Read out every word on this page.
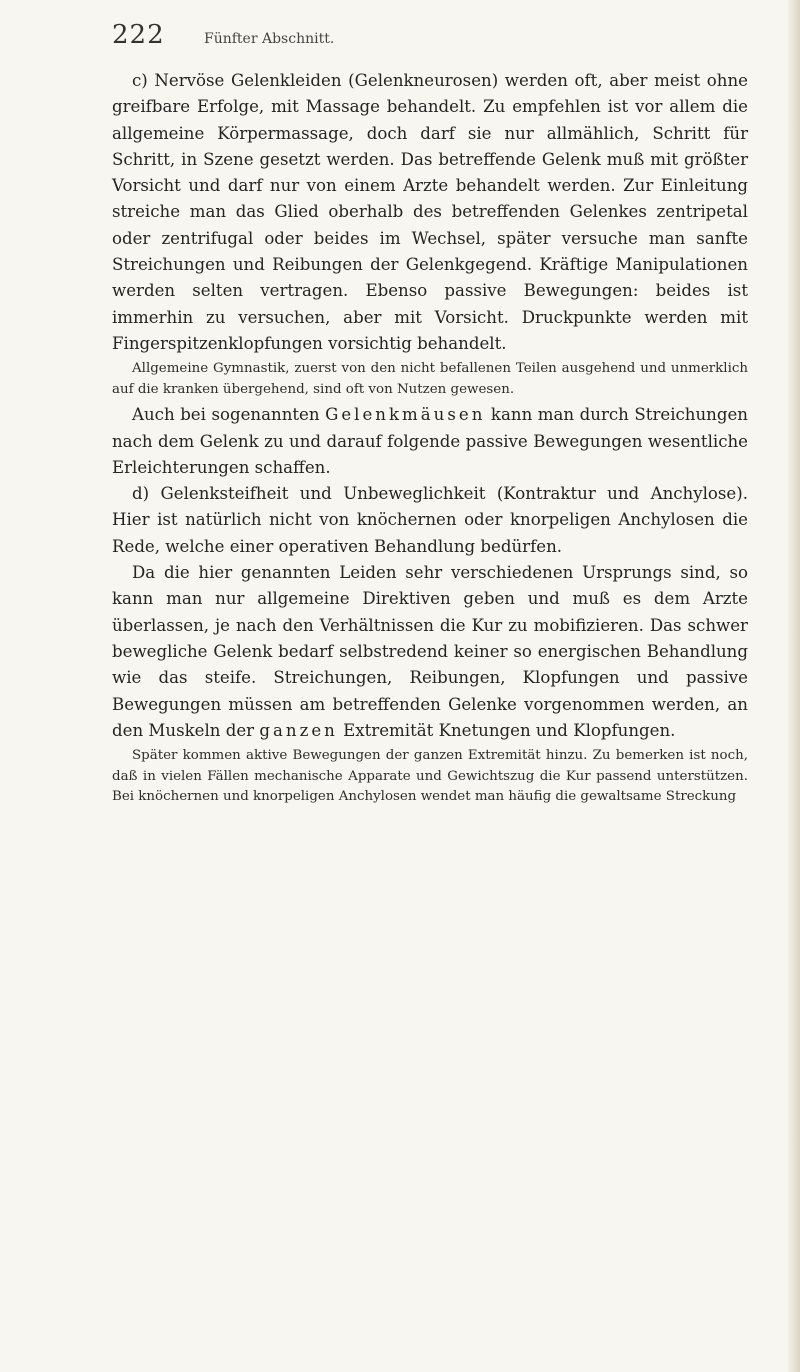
222	Fünfter Abschnitt.

c) Nervöse Gelenkleiden (Gelenkneurosen) werden oft, aber meist ohne greifbare Erfolge, mit Massage behandelt. Zu empfehlen ist vor allem die allgemeine Körpermassage, doch darf sie nur allmählich, Schritt für Schritt, in Szene gesetzt werden. Das betreffende Gelenk muß mit größter Vorsicht und darf nur von einem Arzte behandelt werden. Zur Einleitung streiche man das Glied oberhalb des betreffenden Gelenkes zentripetal oder zentrifugal oder beides im Wechsel, später versuche man sanfte Streichungen und Reibungen der Gelenkgegend. Kräftige Manipulationen werden selten vertragen. Ebenso passive Bewegungen: beides ist immerhin zu versuchen, aber mit Vorsicht. Druckpunkte werden mit Fingerspitzenklopfungen vorsichtig behandelt.

Allgemeine Gymnastik, zuerst von den nicht befallenen Teilen ausgehend und unmerklich auf die kranken übergehend, sind oft von Nutzen gewesen.

Auch bei sogenannten Gelenkmäusen kann man durch Streichungen nach dem Gelenk zu und darauf folgende passive Bewegungen wesentliche Erleichterungen schaffen.

d) Gelenksteifheit und Unbeweglichkeit (Kontraktur und Anchylose). Hier ist natürlich nicht von knöchernen oder knorpeligen Anchylosen die Rede, welche einer operativen Behandlung bedürfen.

Da die hier genannten Leiden sehr verschiedenen Ursprungs sind, so kann man nur allgemeine Direktiven geben und muß es dem Arzte überlassen, je nach den Verhältnissen die Kur zu mobifizieren. Das schwer bewegliche Gelenk bedarf selbstredend keiner so energischen Behandlung wie das steife. Streichungen, Reibungen, Klopfungen und passive Bewegungen müssen am betreffenden Gelenke vorgenommen werden, an den Muskeln der ganzen Extremität Knetungen und Klopfungen.

Später kommen aktive Bewegungen der ganzen Extremität hinzu. Zu bemerken ist noch, daß in vielen Fällen mechanische Apparate und Gewichtszug die Kur passend unterstützen. Bei knöchernen und knorpeligen Anchylosen wendet man häufig die gewaltsame Streckung
